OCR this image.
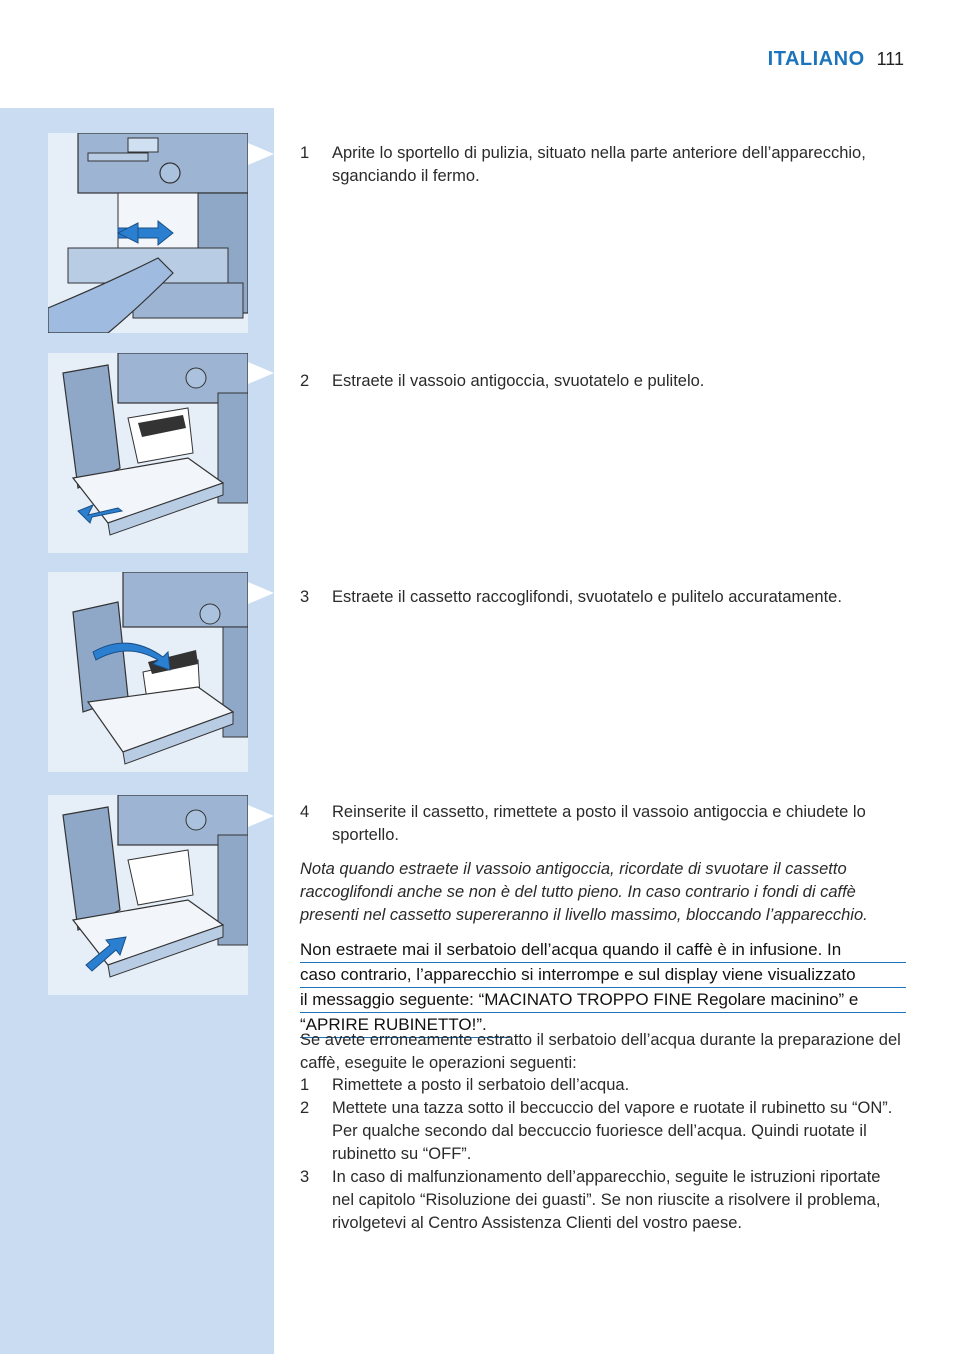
ITALIANO 111
1	Aprite lo sportello di pulizia, situato nella parte anteriore dell’apparecchio, sganciando il fermo.
2	Estraete il vassoio antigoccia, svuotatelo e pulitelo.
3	Estraete il cassetto raccoglifondi, svuotatelo e pulitelo accuratamente.
4	Reinserite il cassetto, rimettete a posto il vassoio antigoccia e chiudete lo sportello.
Nota quando estraete il vassoio antigoccia, ricordate di svuotare il cassetto raccoglifondi anche se non è del tutto pieno. In caso contrario i fondi di caffè presenti nel cassetto supereranno il livello massimo, bloccando l’apparecchio.
Non estraete mai il serbatoio dell’acqua quando il caffè è in infusione. In
caso contrario, l’apparecchio si interrompe e sul display viene visualizzato
il messaggio seguente: “MACINATO TROPPO FINE Regolare macinino” e
“APRIRE RUBINETTO!”.
Se avete erroneamente estratto il serbatoio dell’acqua durante la preparazione del caffè, eseguite le operazioni seguenti:
1	Rimettete a posto il serbatoio dell’acqua.
2	Mettete una tazza sotto il beccuccio del vapore e ruotate il rubinetto su “ON”. Per qualche secondo dal beccuccio fuoriesce dell’acqua. Quindi ruotate il rubinetto su “OFF”.
3	In caso di malfunzionamento dell’apparecchio, seguite le istruzioni riportate nel capitolo “Risoluzione dei guasti”. Se non riuscite a risolvere il problema, rivolgetevi al Centro Assistenza Clienti del vostro paese.
